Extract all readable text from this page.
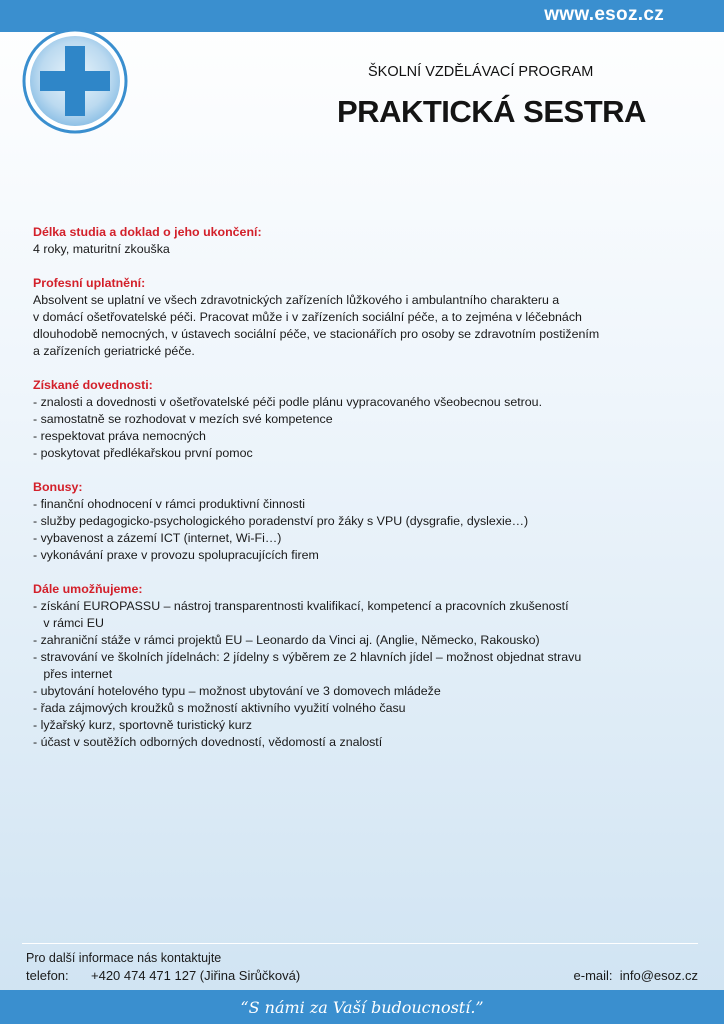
www.esoz.cz
ŠKOLNÍ VZDĚLÁVACÍ PROGRAM
PRAKTICKÁ SESTRA
Délka studia a doklad o jeho ukončení:
4 roky, maturitní zkouška
Profesní uplatnění:
Absolvent se uplatní ve všech zdravotnických zařízeních lůžkového i ambulantního charakteru a
v domácí ošetřovatelské péči. Pracovat může i v zařízeních sociální péče, a to zejména v léčebnách
dlouhodobě nemocných, v ústavech sociální péče, ve stacionářích pro osoby se zdravotním postižením
a zařízeních geriatrické péče.
Získané dovednosti:
- znalosti a dovednosti v ošetřovatelské péči podle plánu vypracovaného všeobecnou setrou.
- samostatně se rozhodovat v mezích své kompetence
- respektovat práva nemocných
- poskytovat předlékařskou první pomoc
Bonusy:
- finanční ohodnocení v rámci produktivní činnosti
- služby pedagogicko-psychologického poradenství pro žáky s VPU (dysgrafie, dyslexie…)
- vybavenost a zázemí ICT (internet, Wi-Fi…)
- vykonávání praxe v provozu spolupracujících firem
Dále umožňujeme:
- získání EUROPASSU – nástroj transparentnosti kvalifikací, kompetencí a pracovních zkušeností
v rámci EU
- zahraniční stáže v rámci projektů EU – Leonardo da Vinci aj. (Anglie, Německo, Rakousko)
- stravování ve školních jídelnách: 2 jídelny s výběrem ze 2 hlavních jídel – možnost objednat stravu
přes internet
- ubytování hotelového typu – možnost ubytování ve 3 domovech mládeže
- řada zájmových kroužků s možností aktivního využití volného času
- lyžařský kurz, sportovně turistický kurz
- účast v soutěžích odborných dovedností, vědomostí a znalostí
Pro další informace nás kontaktujte
telefon: +420 474 471 127 (Jiřina Sirůčková)	e-mail: info@esoz.cz
“S námi za Vaší budoucností.”
